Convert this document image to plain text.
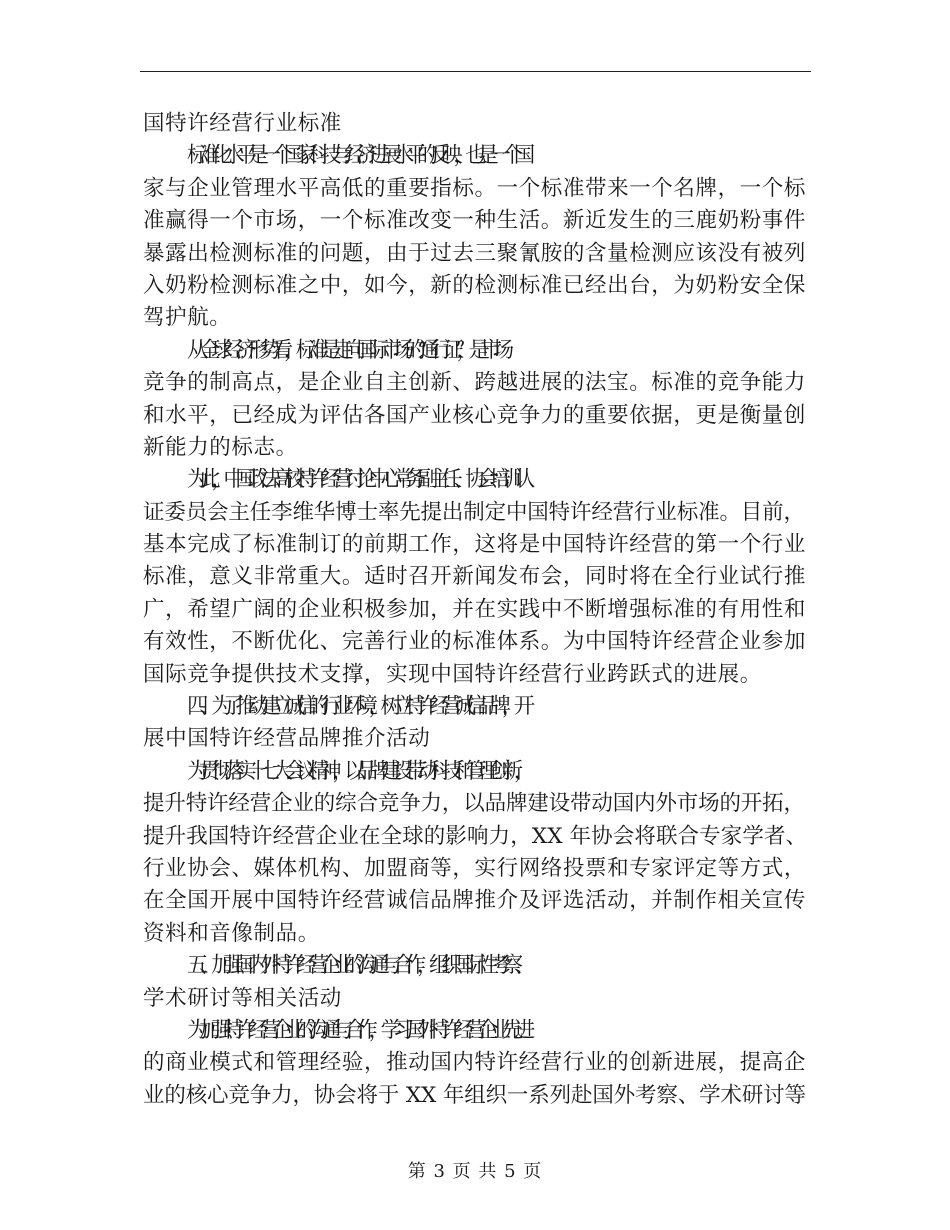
国特许经营行业标准
标准化水平是一个国家科技与经济进展水平的反映，也是一个国
家与企业管理水平高低的重要指标。一个标准带来一个名牌，一个标
准赢得一个市场，一个标准改变一种生活。新近发生的三鹿奶粉事件
暴露出检测标准的问题，由于过去三聚氰胺的含量检测应该没有被列
入奶粉检测标准之中，如今，新的检测标准已经出台，为奶粉安全保
驾护航。
从全球经济形势看，标准是走向国际市场的“通行证”，是市场
竞争的制高点，是企业自主创新、跨越进展的法宝。标准的竞争能力
和水平，已经成为评估各国产业核心竞争力的重要依据，更是衡量创
新能力的标志。
为此，中国政法高校特许经营讨论中心常务副主任、协会培训认
证委员会主任李维华博士率先提出制定中国特许经营行业标准。目前，
基本完成了标准制订的前期工作，这将是中国特许经营的第一个行业
标准，意义非常重大。适时召开新闻发布会，同时将在全行业试行推
广，希望广阔的企业积极参加，并在实践中不断增强标准的有用性和
有效性，不断优化、完善行业的标准体系。为中国特许经营企业参加
国际竞争提供技术支撑，实现中国特许经营行业跨跃式的进展。
四、为了推动建立诚信的行业环境，树立特许经营诚信品牌，开
展中国特许经营品牌推介活动
为贯彻落实十七大会议精神，以品牌建设带动科技和管理创新，
提升特许经营企业的综合竞争力，以品牌建设带动国内外市场的开拓，
提升我国特许经营企业在全球的影响力，XX 年协会将联合专家学者、
行业协会、媒体机构、加盟商等，实行网络投票和专家评定等方式，
在全国开展中国特许经营诚信品牌推介及评选活动，并制作相关宣传
资料和音像制品。
五、加强国内外特许经营企业的沟通与合作，组织国际性考察、
学术研讨等相关活动
为加强特许经营企业的沟通与合作，学习国外特许经营企业先进
的商业模式和管理经验，推动国内特许经营行业的创新进展，提高企
业的核心竞争力，协会将于 XX 年组织一系列赴国外考察、学术研讨等
第 3 页 共 5 页
